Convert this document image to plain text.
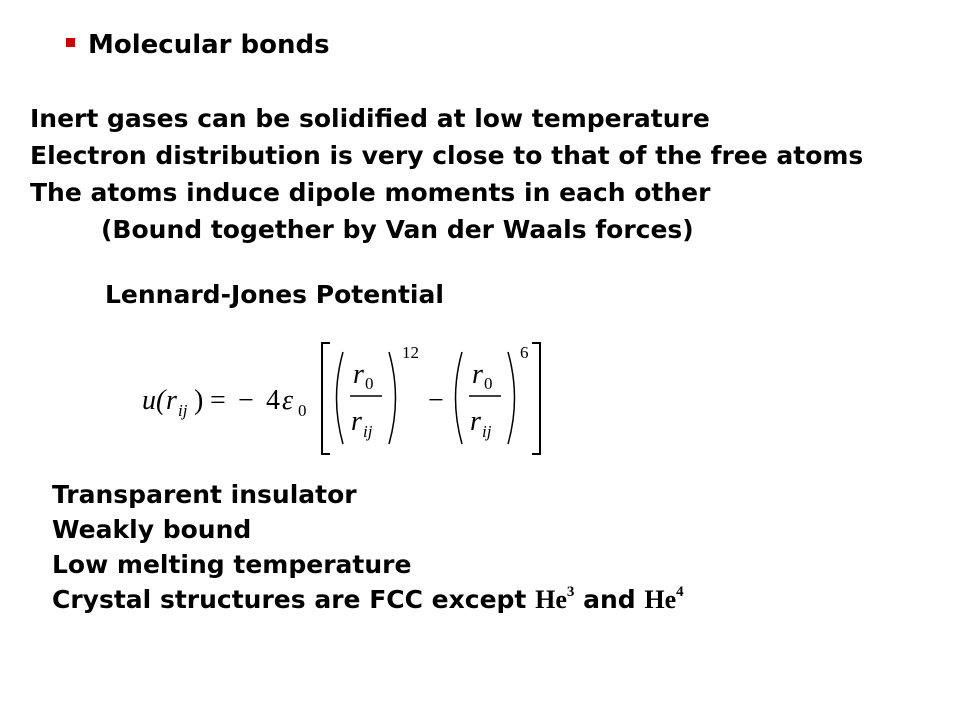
Molecular bonds
Inert gases can be solidified at low temperature
Electron distribution is very close to that of the free atoms
The atoms induce dipole moments in each other
(Bound together by Van der Waals forces)
Lennard-Jones Potential
u( r ij ) = − 4 ε 0
r 0
r ij
12
−
r 0
r ij
6
Transparent insulator
Weakly bound
Low melting temperature
Crystal structures are FCC except He$^3$ and He$^4$
